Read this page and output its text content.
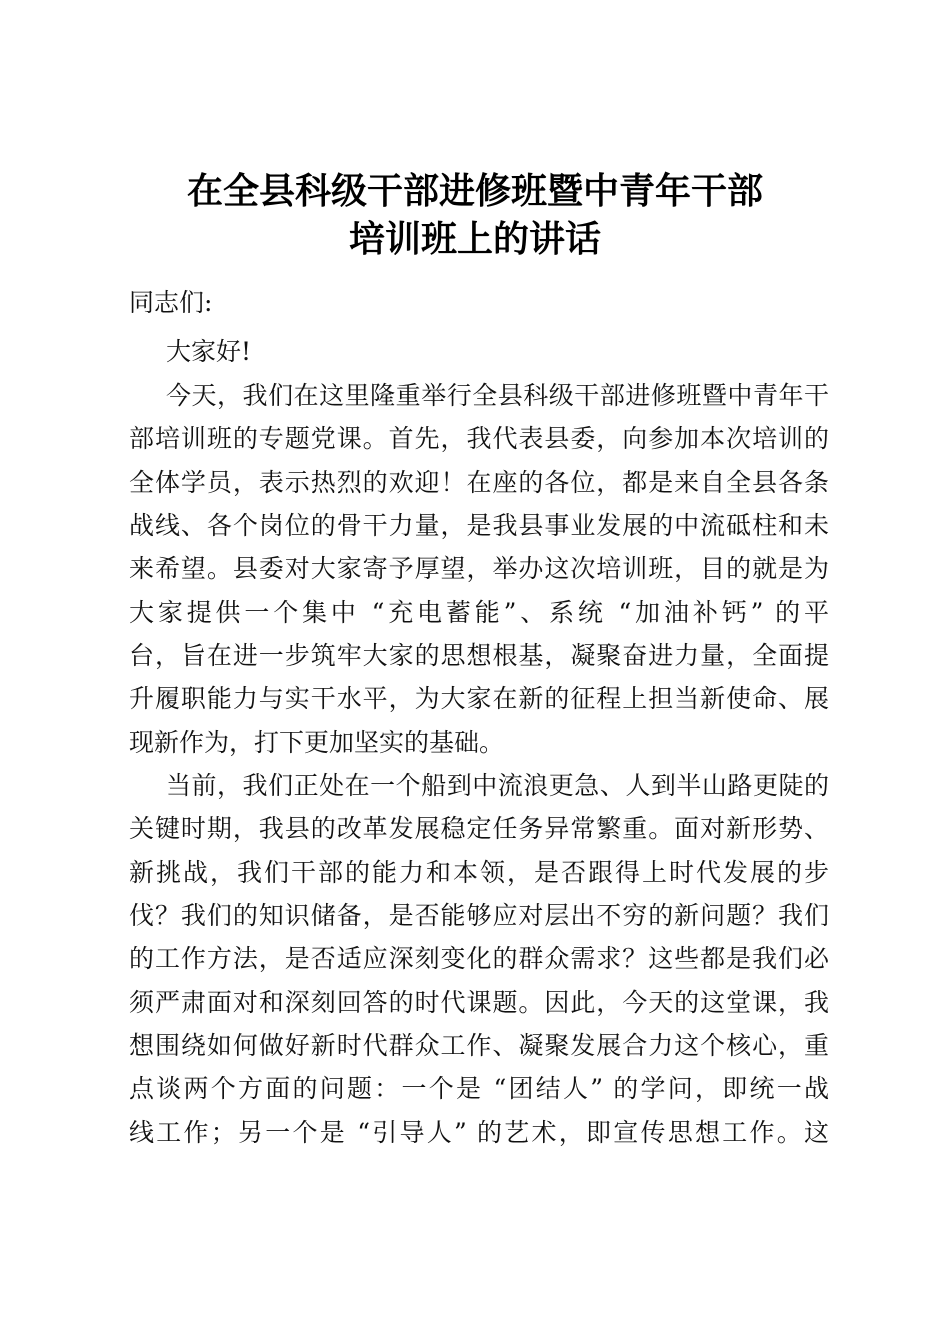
在全县科级干部进修班暨中青年干部
培训班上的讲话
同志们:
大家好!
今天，我们在这里隆重举行全县科级干部进修班暨中青年干
部培训班的专题党课。首先，我代表县委，向参加本次培训的
全体学员，表示热烈的欢迎！在座的各位，都是来自全县各条
战线、各个岗位的骨干力量，是我县事业发展的中流砥柱和未
来希望。县委对大家寄予厚望，举办这次培训班，目的就是为
大家提供一个集中 “充电蓄能”、系统 “加油补钙” 的平
台，旨在进一步筑牢大家的思想根基，凝聚奋进力量，全面提
升履职能力与实干水平，为大家在新的征程上担当新使命、展
现新作为，打下更加坚实的基础。
当前，我们正处在一个船到中流浪更急、人到半山路更陡的
关键时期，我县的改革发展稳定任务异常繁重。面对新形势、
新挑战，我们干部的能力和本领，是否跟得上时代发展的步
伐？我们的知识储备，是否能够应对层出不穷的新问题？我们
的工作方法，是否适应深刻变化的群众需求？这些都是我们必
须严肃面对和深刻回答的时代课题。因此，今天的这堂课，我
想围绕如何做好新时代群众工作、凝聚发展合力这个核心，重
点谈两个方面的问题：一个是 “团结人” 的学问，即统一战
线工作；另一个是 “引导人” 的艺术，即宣传思想工作。这
